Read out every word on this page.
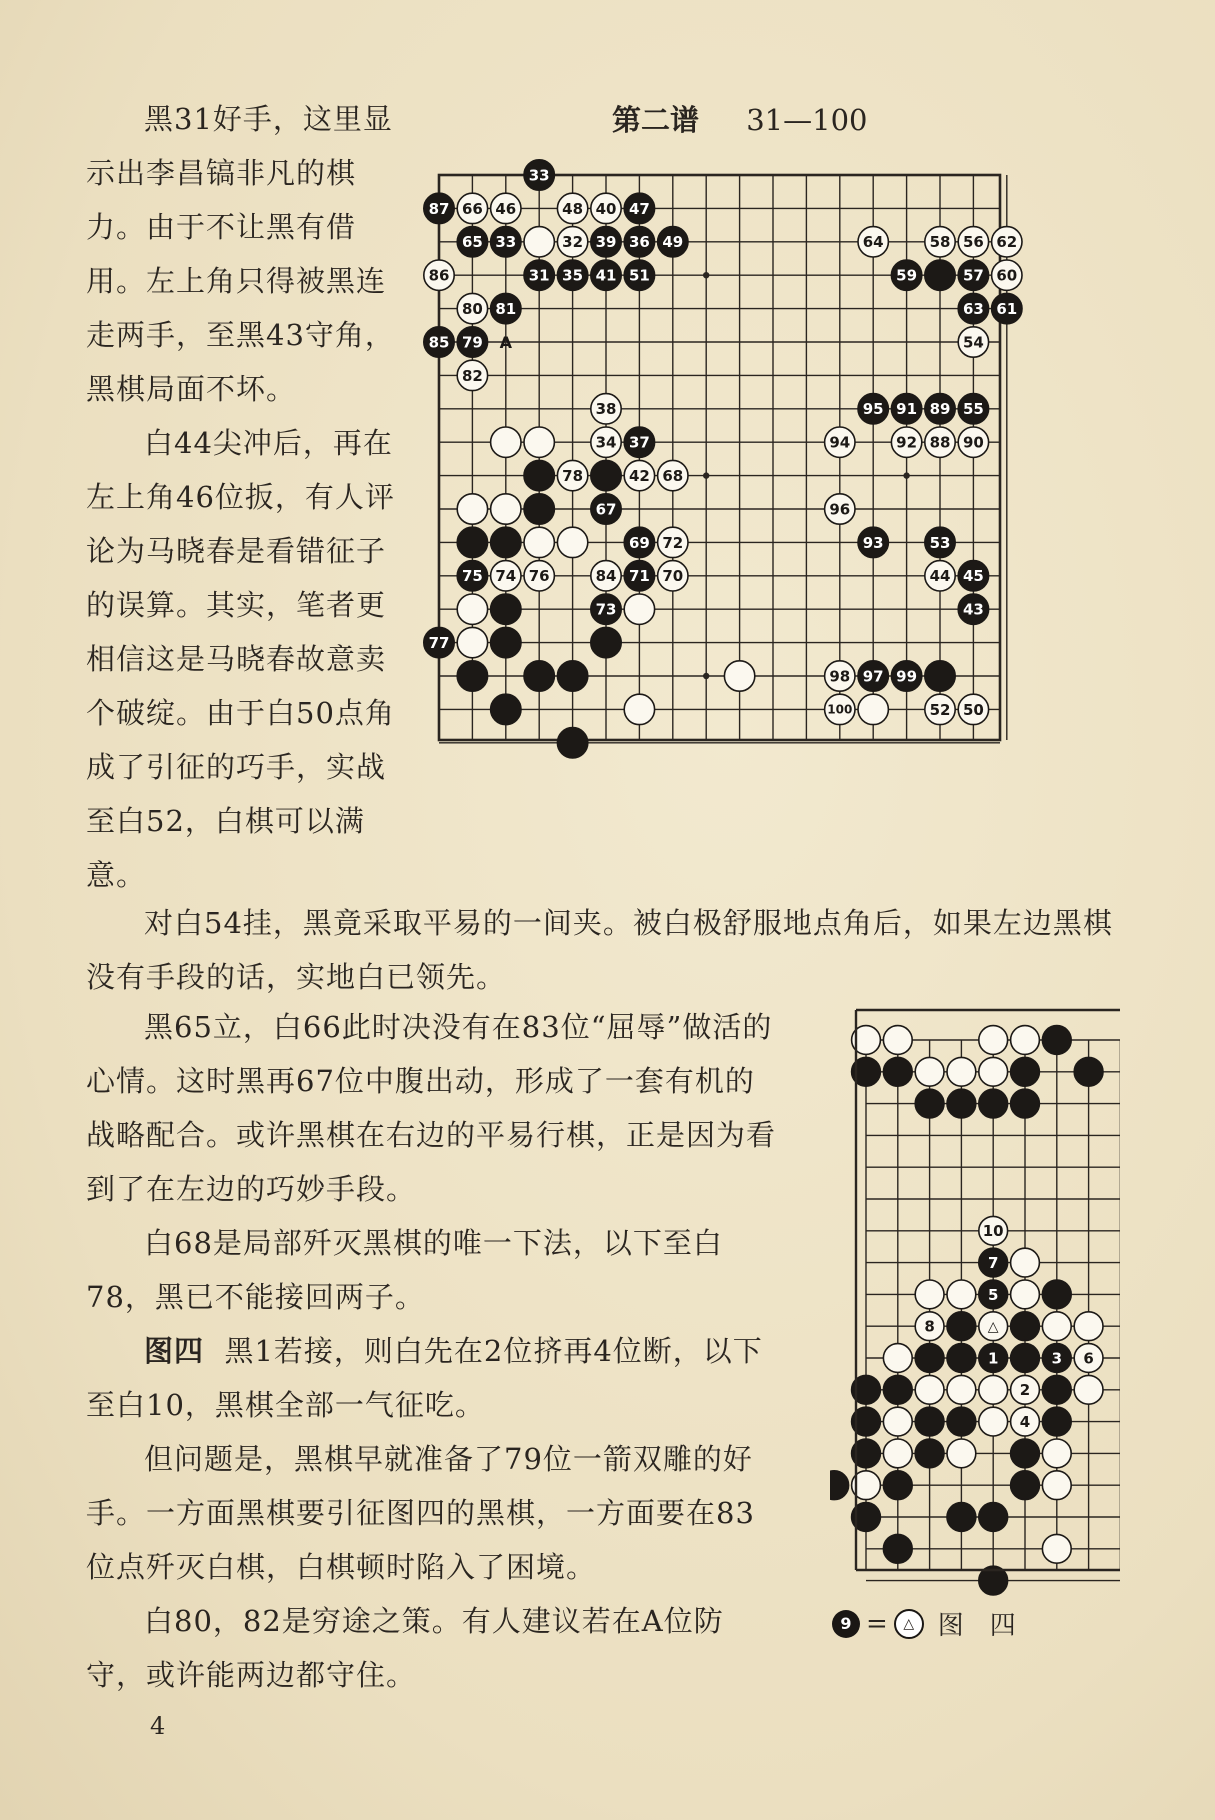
第二谱 31—100

黑31好手，这里显示出李昌镐非凡的棋力。由于不让黑有借用。左上角只得被黑连走两手，至黑43守角，黑棋局面不坏。

白44尖冲后，再在左上角46位扳，有人评论为马晓春是看错征子的误算。其实，笔者更相信这是马晓春故意卖个破绽。由于白50点角成了引征的巧手，实战至白52，白棋可以满意。

对白54挂，黑竟采取平易的一间夹。被白极舒服地点角后，如果左边黑棋没有手段的话，实地白已领先。

黑65立，白66此时决没有在83位“屈辱”做活的心情。这时黑再67位中腹出动，形成了一套有机的战略配合。或许黑棋在右边的平易行棋，正是因为看到了在左边的巧妙手段。

白68是局部歼灭黑棋的唯一下法，以下至白78，黑已不能接回两子。

图四 黑1若接，则白先在2位挤再4位断，以下至白10，黑棋全部一气征吃。

但问题是，黑棋早就准备了79位一箭双雕的好手。一方面黑棋要引征图四的黑棋，一方面要在83位点歼灭白棋，白棋顿时陷入了困境。

白80，82是穷途之策。有人建议若在A位防守，或许能两边都守住。

33
87 66 46	48 40 47
65 33	32 39 36 49	64	58 56 62
86	31 35 41 51	59	57 60
80 81	63 61
85 79	54
82
38	95 91 89 55
34 37	94	92 88 90
78	42 68
67	96
69 72	93	53
75 74 76	84 71 70	44 45
73	43
77
98 97 99
100	52 50
A
10
7
5
8	△
1	3 6
2
4
9 =	△ 图　四
4
